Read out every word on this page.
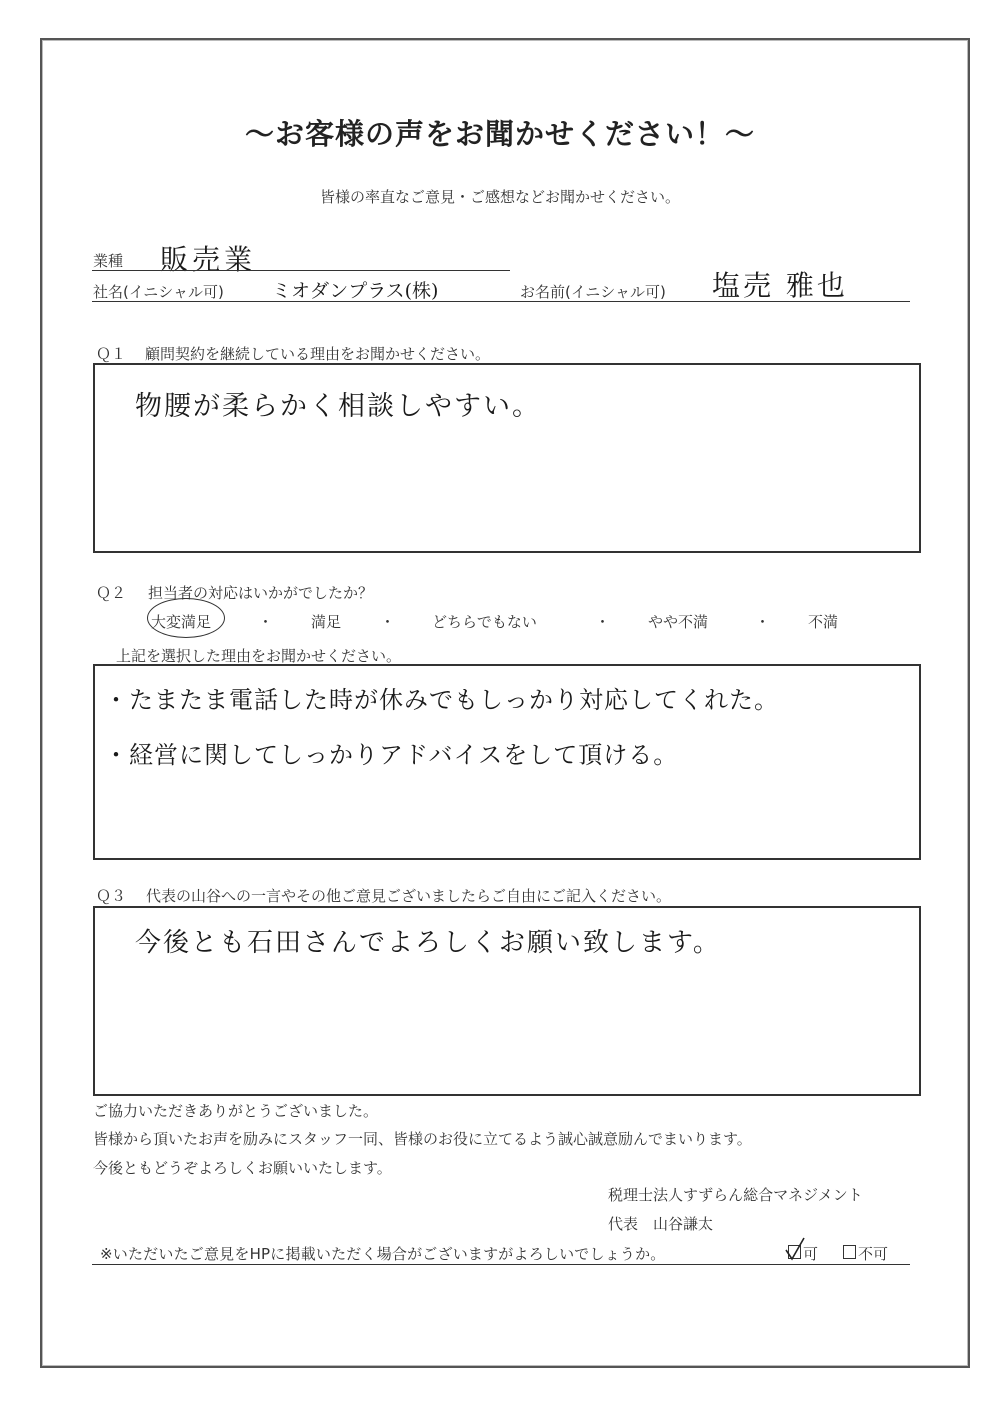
～お客様の声をお聞かせください！～
皆様の率直なご意見・ご感想などお聞かせください。
業種 販売業
社名(イニシャル可)	ミオダンプラス(株)	お名前(イニシャル可) 塩売 雅也
Ｑ１ 顧問契約を継続している理由をお聞かせください。
物腰が柔らかく相談しやすい。
Ｑ２ 担当者の対応はいかがでしたか？
大変満足	・	満足	・ どちらでもない	・	やや不満	・	不満
上記を選択した理由をお聞かせください。
・たまたま電話した時が休みでもしっかり対応してくれた。
・経営に関してしっかりアドバイスをして頂ける。
Ｑ３ 代表の山谷への一言やその他ご意見ございましたらご自由にご記入ください。
今後とも石田さんでよろしくお願い致します。
ご協力いただきありがとうございました。
皆様から頂いたお声を励みにスタッフ一同、皆様のお役に立てるよう誠心誠意励んでまいります。
今後ともどうぞよろしくお願いいたします。
税理士法人すずらん総合マネジメント
代表　山谷謙太
※いただいたご意見をHPに掲載いただく場合がございますがよろしいでしょうか。	可	不可
